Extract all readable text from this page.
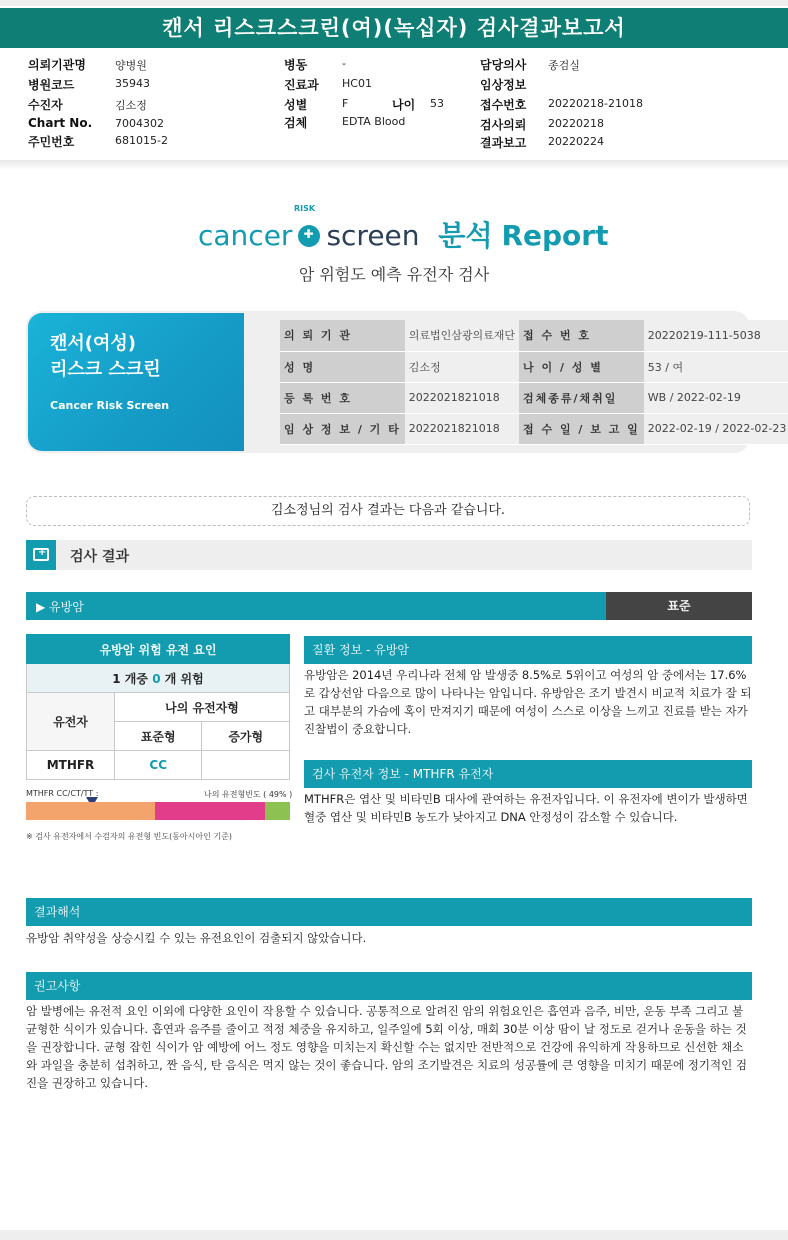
캔서 리스크스크린(여)(녹십자) 검사결과보고서
의뢰기관명	양병원
병원코드	35943
수진자	김소정
Chart No. 7004302
주민번호	681015-2
병동	-
진료과 HC01
성별	F	나이 53
검체	EDTA Blood
담당의사 종검실
임상정보
접수번호 20220218-21018
검사의뢰 20220218
결과보고 20220224
cancer ✚ screen
RISK
분석 Report
암 위험도 예측 유전자 검사
캔서(여성)
리스크 스크린
Cancer Risk Screen
의 뢰 기 관	의료법인삼광의료재단	접 수 번 호	20220219-111-5038
성 명	김소정	나 이 / 성 별	53 / 여
등 록 번 호	2022021821018	검체종류/채취일	WB / 2022-02-19
임 상 정 보 / 기 타	2022021821018	접 수 일 / 보 고 일	2022-02-19 / 2022-02-23
김소정님의 검사 결과는 다음과 같습니다.
+
검사 결과
▶ 유방암	표준
유방암 위험 유전 요인		
1 개중 0 개 위험		
유전자	나의 유전자형	
	표준형	증가형
MTHFR	CC	
MTHFR CC/CT/TT :	나의 유전형빈도 ( 49% )
※ 검사 유전자에서 수검자의 유전형 빈도(동아시아인 기준)
질환 정보 - 유방암
유방암은 2014년 우리나라 전체 암 발생중 8.5%로 5위이고 여성의 암 중에서는 17.6%로 갑상선암 다음으로 많이 나타나는 암입니다. 유방암은 조기 발견시 비교적 치료가 잘 되고 대부분의 가슴에 혹이 만져지기 때문에 여성이 스스로 이상을 느끼고 진료를 받는 자가 진찰법이 중요합니다.
검사 유전자 정보 - MTHFR 유전자
MTHFR은 엽산 및 비타민B 대사에 관여하는 유전자입니다. 이 유전자에 변이가 발생하면 혈중 엽산 및 비타민B 농도가 낮아지고 DNA 안정성이 감소할 수 있습니다.
결과해석
유방암 취약성을 상승시킬 수 있는 유전요인이 검출되지 않았습니다.
권고사항
암 발병에는 유전적 요인 이외에 다양한 요인이 작용할 수 있습니다. 공통적으로 알려진 암의 위험요인은 흡연과 음주, 비만, 운동 부족 그리고 불균형한 식이가 있습니다. 흡연과 음주를 줄이고 적정 체중을 유지하고, 일주일에 5회 이상, 매회 30분 이상 땀이 날 정도로 걷거나 운동을 하는 것을 권장합니다. 균형 잡힌 식이가 암 예방에 어느 정도 영향을 미치는지 확신할 수는 없지만 전반적으로 건강에 유익하게 작용하므로 신선한 채소와 과일을 충분히 섭취하고, 짠 음식, 탄 음식은 먹지 않는 것이 좋습니다. 암의 조기발견은 치료의 성공률에 큰 영향을 미치기 때문에 정기적인 검진을 권장하고 있습니다.
